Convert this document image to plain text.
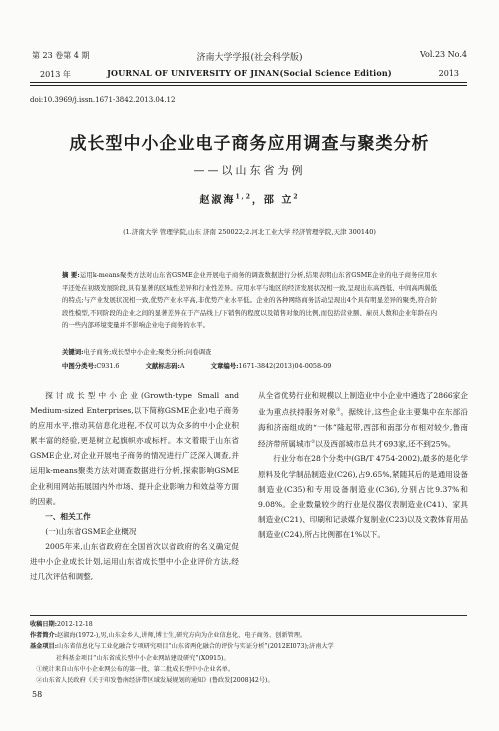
第 23 卷第 4 期	济南大学学报(社会科学版)	Vol.23 No.4
2013 年	JOURNAL OF UNIVERSITY OF JINAN(Social Science Edition)	2013
doi:10.3969/j.issn.1671-3842.2013.04.12
成长型中小企业电子商务应用调查与聚类分析
——以山东省为例
赵淑海$^{1,2}$，邵 立$^2$
(1.济南大学 管理学院,山东 济南 250022;2.河北工业大学 经济管理学院,天津 300140)
摘 要:运用k-means聚类方法对山东省GSME企业开展电子商务的调查数据进行分析,结果表明山东省GSME企业的电子商务应用水平还处在初级发展阶段,具有显著的区域性差异和行业性差异。应用水平与地区的经济发展状况相一致,呈现出东高西低、中间高两翼低的特点;与产业发展状况相一致,优势产业水平高,非优势产业水平低。企业的各种网络商务活动呈现出4个具有明显差异的聚类,符合阶段性模型,不同阶段的企业之间的显著差异在于产品线上/下销售的程度以及销售对象的比例,而包括营业额、雇员人数和企业年龄在内的一些内部环境变量并不影响企业电子商务的水平。
关键词:电子商务;成长型中小企业;聚类分析;问卷调查
中图分类号:C931.6	文献标志码:A	文章编号:1671-3842(2013)04-0058-09

探讨成长型中小企业(Growth-type Small and Medium-sized Enterprises,以下简称GSME企业)电子商务的应用水平,推动其信息化进程,不仅可以为众多的中小企业积累丰富的经验,更是树立起旗帜亦或标杆。本文着眼于山东省GSME企业,对企业开展电子商务的情况进行广泛深入调查,并运用k-means聚类方法对调查数据进行分析,探索影响GSME企业利用网站拓展国内外市场、提升企业影响力和效益等方面的因素。

一、相关工作

(一)山东省GSME企业概况

2005年来,山东省政府在全国首次以省政府的名义确定促进中小企业成长计划,运用山东省成长型中小企业评价方法,经过几次评估和调整,

从全省优势行业和规模以上制造业中小企业中遴选了2866家企业为重点扶持服务对象①。据统计,这些企业主要集中在东部沿海和济南组成的“一体”隆起带,西部和南部分布相对较少,鲁南经济带所属城市②以及西部城市总共才693家,还不到25%。

行业分布在28个分类中(GB/T 4754-2002),最多的是化学原料及化学制品制造业(C26),占9.65%,紧随其后的是通用设备制造业(C35)和专用设备制造业(C36),分别占比9.37%和9.08%。企业数量较少的行业是仪器仪表制造业(C41)、家具制造业(C21)、印刷和记录媒介复制业(C23)以及文教体育用品制造业(C24),所占比例都在1%以下。

收稿日期:2012-12-18

作者简介:赵淑海(1972-),男,山东金乡人,讲师,博士生,研究方向为企业信息化、电子商务、创新管理。

基金项目:山东省信息化与工业化融合专项研究项目“山东省两化融合的评价与实证分析”(2012EI073);济南大学

社科基金项目“山东省成长型中小企业网站建设研究”(X0915)。

①统计来自山东中小企业网公布的第一批、第二批成长型中小企业名单。

②山东省人民政府《关于印发鲁南经济带区域发展规划的通知》(鲁政发[2008]42号)。

58
